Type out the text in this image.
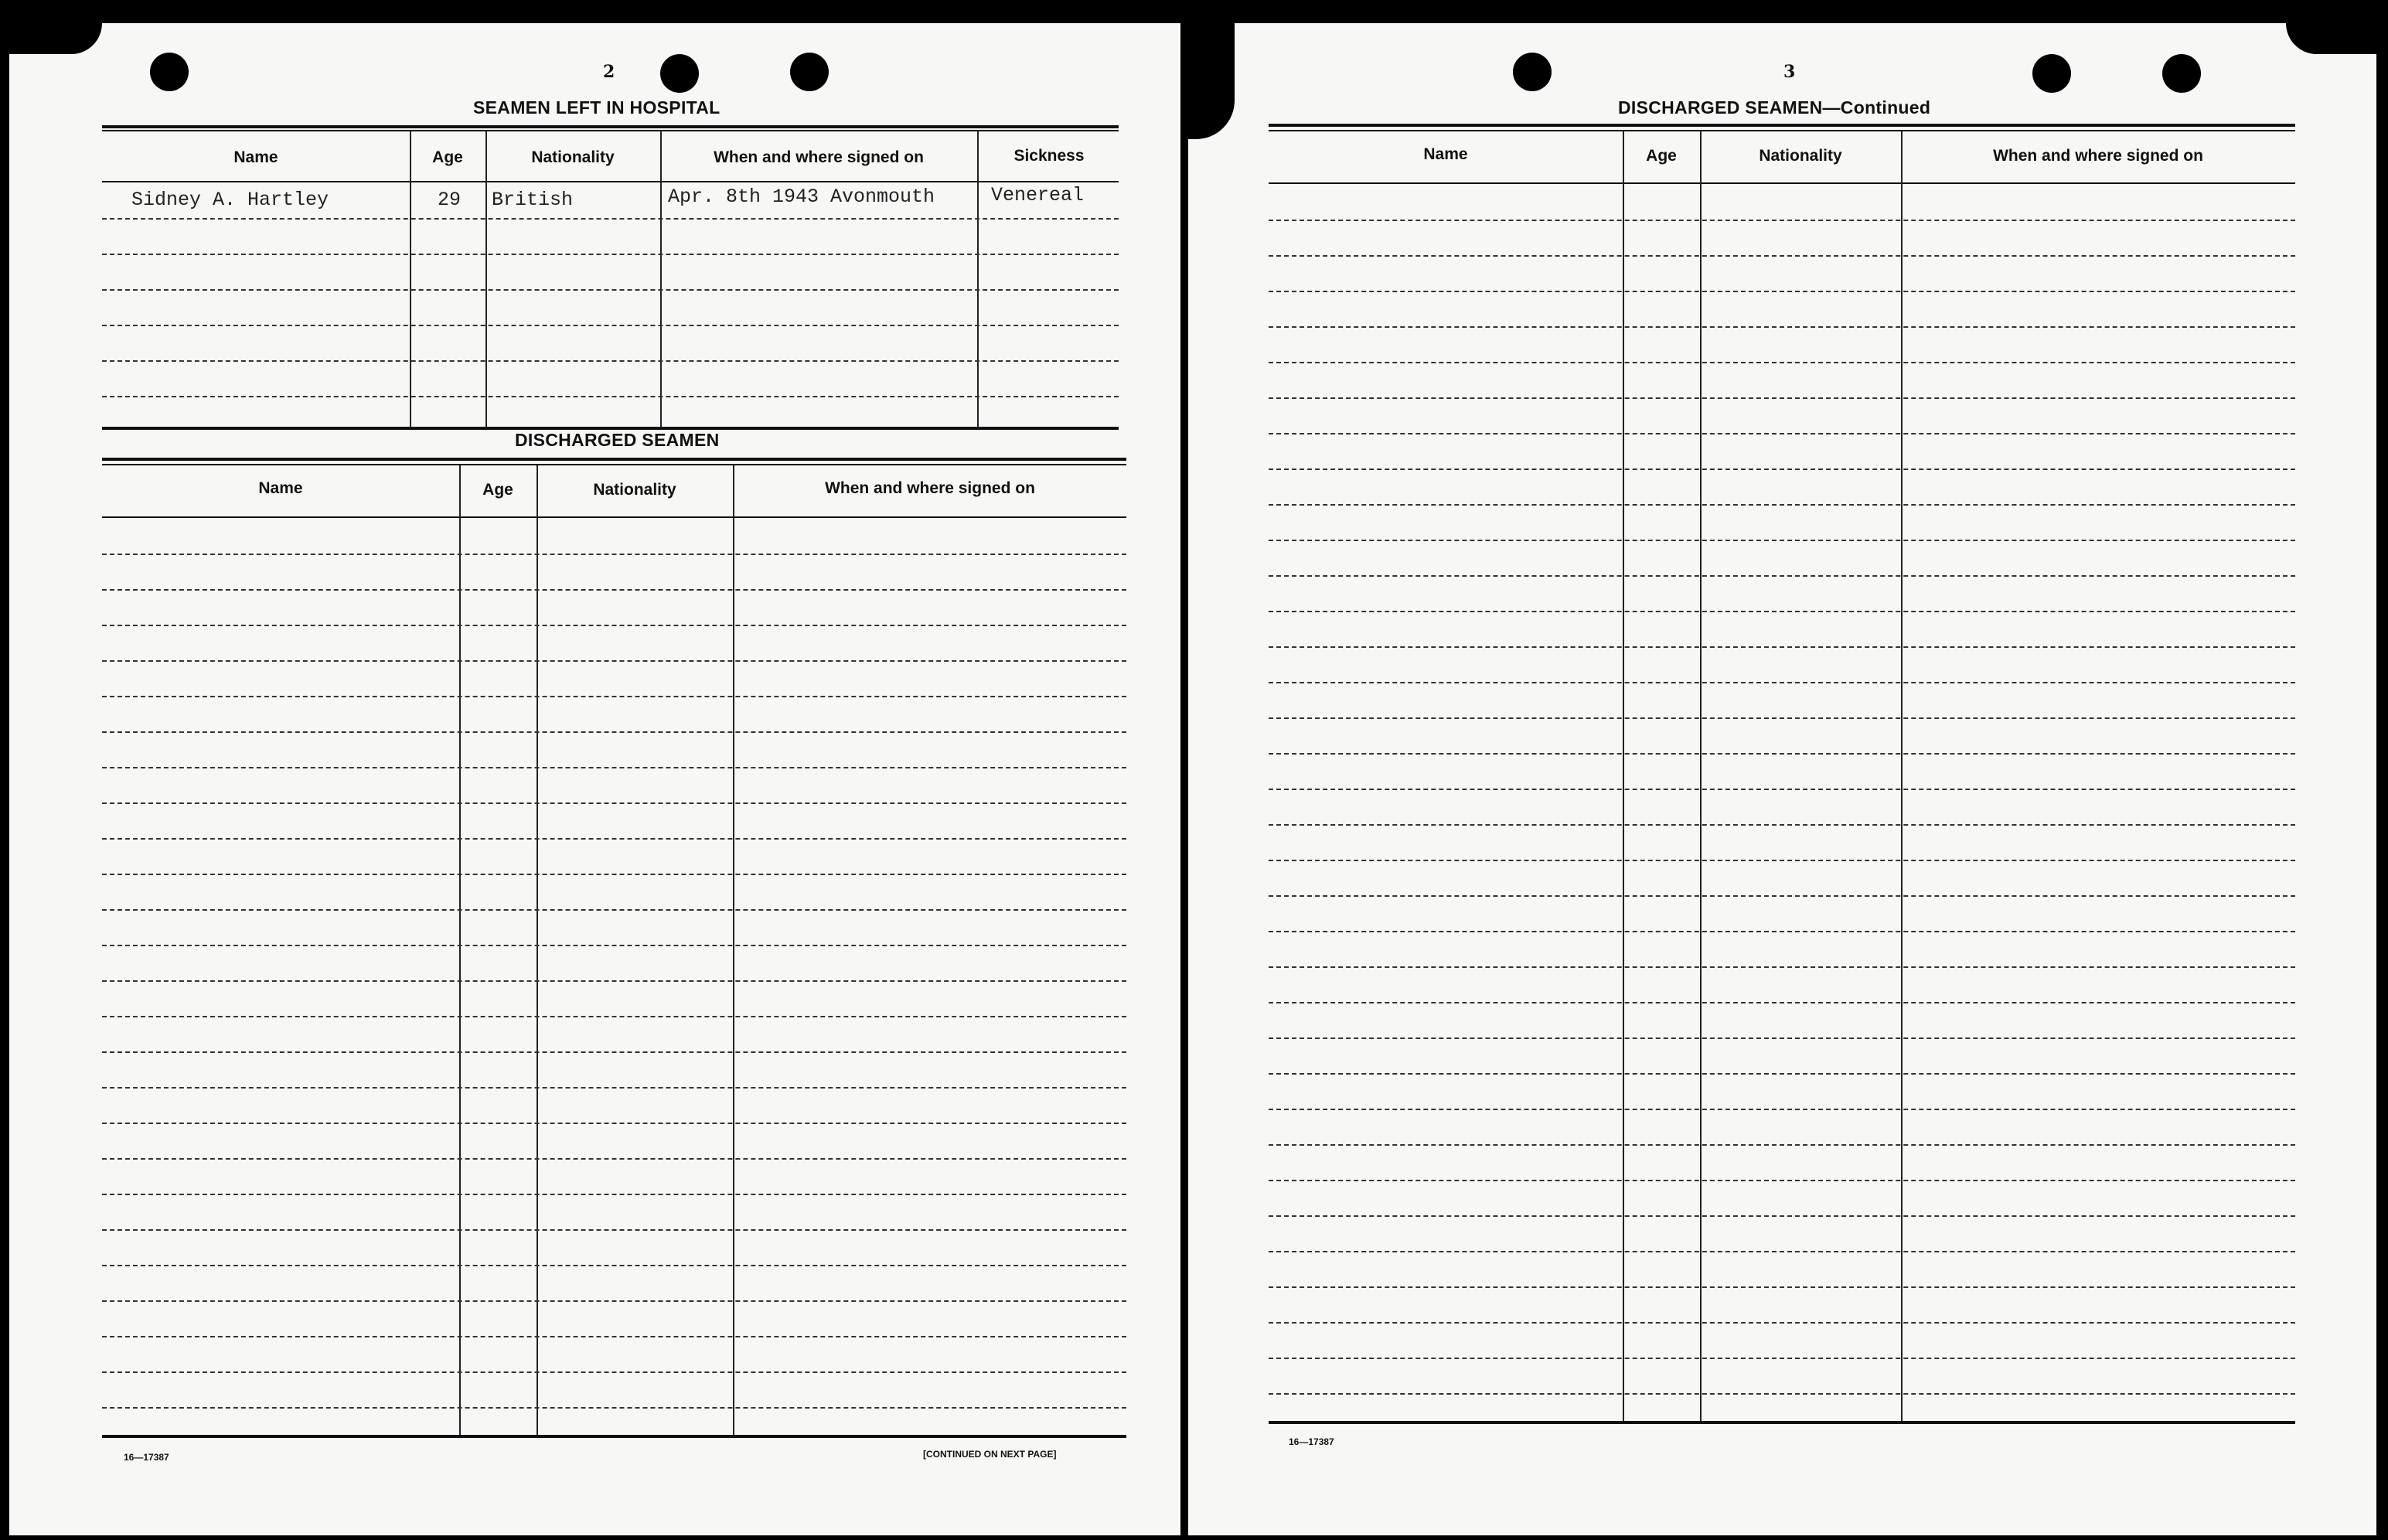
2
SEAMEN LEFT IN HOSPITAL
Name	Age	Nationality	When and where signed on	Sickness
Sidney A. Hartley	29 British	Apr. 8th 1943 Avonmouth	Venereal
DISCHARGED SEAMEN
Name	Age	Nationality	When and where signed on
16—17387	[CONTINUED ON NEXT PAGE]
3
DISCHARGED SEAMEN—Continued
Name	Age	Nationality	When and where signed on
16—17387
